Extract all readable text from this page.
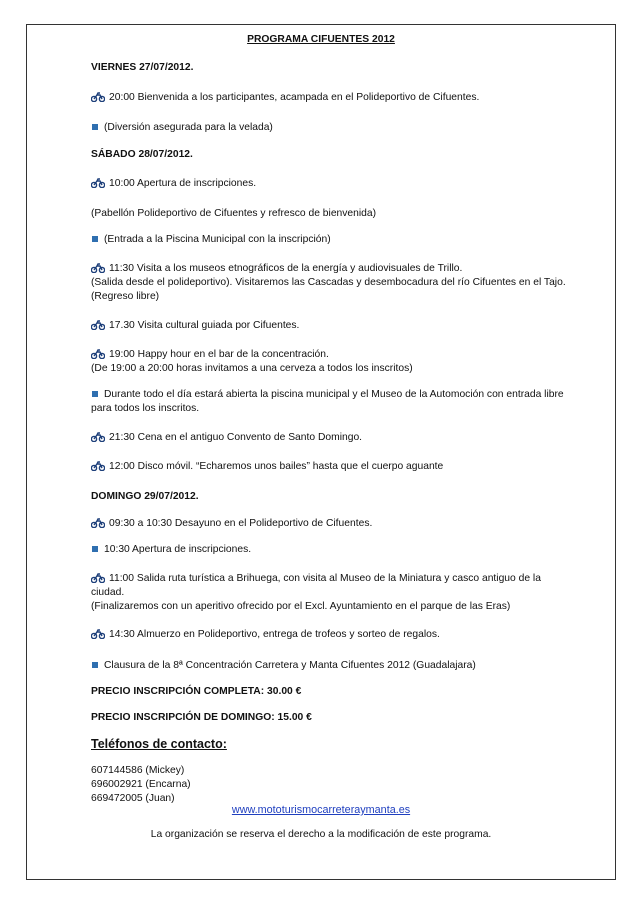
PROGRAMA CIFUENTES 2012
VIERNES 27/07/2012.
20:00 Bienvenida a los participantes, acampada en el Polideportivo de Cifuentes.
(Diversión asegurada para la velada)
SÁBADO 28/07/2012.
10:00 Apertura de inscripciones.
(Pabellón Polideportivo de Cifuentes y refresco de bienvenida)
(Entrada a la Piscina Municipal con la inscripción)
11:30 Visita a los museos etnográficos de la energía y audiovisuales de Trillo.
(Salida desde el polideportivo). Visitaremos las Cascadas y desembocadura del río Cifuentes en el Tajo.
(Regreso libre)
17.30 Visita cultural guiada por Cifuentes.
19:00 Happy hour en el bar de la concentración.
(De 19:00 a 20:00 horas invitamos a una cerveza a todos los inscritos)
Durante todo el día estará abierta la piscina municipal y el Museo de la Automoción con entrada libre
para todos los inscritos.
21:30 Cena en el antiguo Convento de Santo Domingo.
12:00 Disco móvil. “Echaremos unos bailes” hasta que el cuerpo aguante
DOMINGO 29/07/2012.
09:30 a 10:30 Desayuno en el Polideportivo de Cifuentes.
10:30 Apertura de inscripciones.
11:00 Salida ruta turística a Brihuega, con visita al Museo de la Miniatura y casco antiguo de la
ciudad.
(Finalizaremos con un aperitivo ofrecido por el Excl. Ayuntamiento en el parque de las Eras)
14:30 Almuerzo en Polideportivo, entrega de trofeos y sorteo de regalos.
Clausura de la 8ª Concentración Carretera y Manta Cifuentes 2012 (Guadalajara)
PRECIO INSCRIPCIÓN COMPLETA: 30.00 €
PRECIO INSCRIPCIÓN DE DOMINGO: 15.00 €
Teléfonos de contacto:
607144586 (Mickey)
696002921 (Encarna)
669472005 (Juan)
www.mototurismocarreterаymanta.es
La organización se reserva el derecho a la modificación de este programa.
